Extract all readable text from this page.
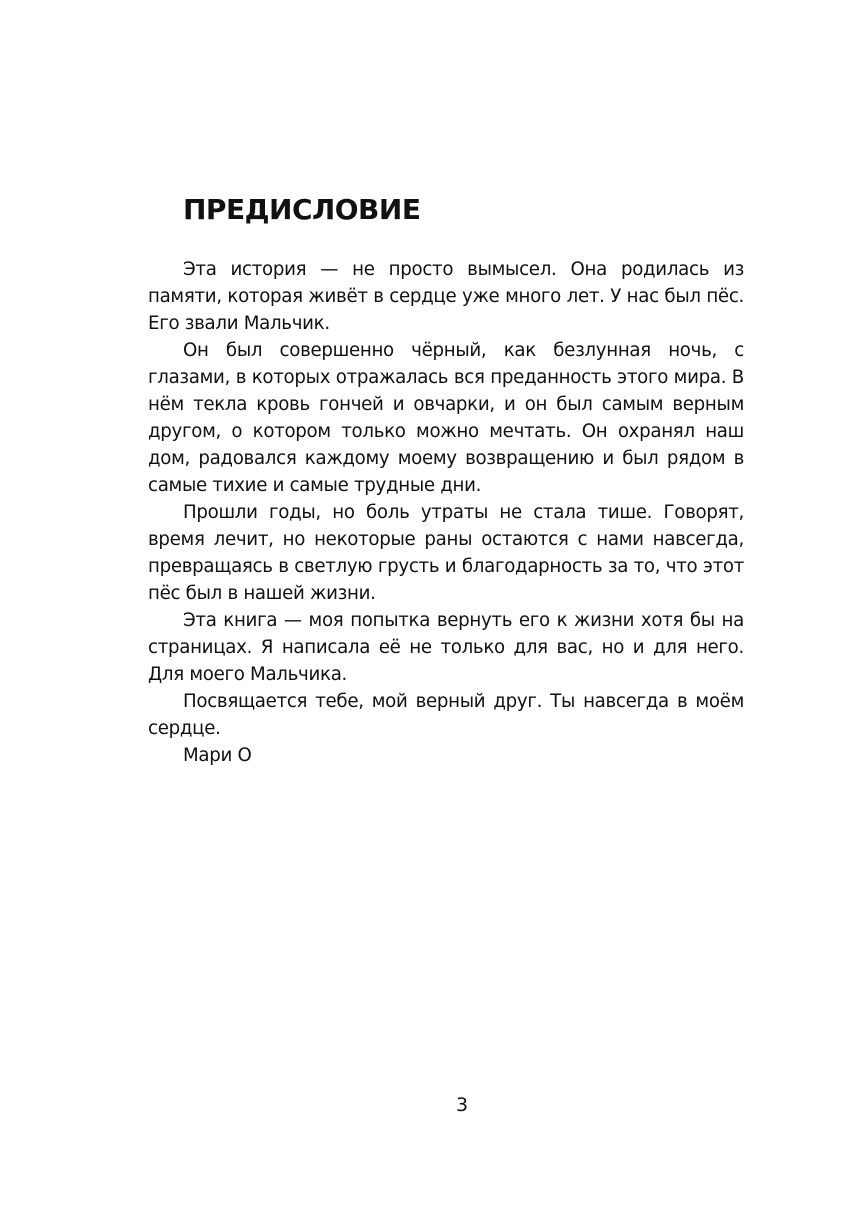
ПРЕДИСЛОВИЕ

Эта история — не просто вымысел. Она родилась из памяти, которая живёт в сердце уже много лет. У нас был пёс. Его звали Мальчик.

Он был совершенно чёрный, как безлунная ночь, с глазами, в которых отражалась вся преданность этого мира. В нём текла кровь гончей и овчарки, и он был самым верным другом, о котором только можно мечтать. Он охранял наш дом, радовался каждому моему возвращению и был рядом в самые тихие и самые трудные дни.

Прошли годы, но боль утраты не стала тише. Говорят, время лечит, но некоторые раны остаются с нами навсегда, превращаясь в светлую грусть и благодарность за то, что этот пёс был в нашей жизни.

Эта книга — моя попытка вернуть его к жизни хотя бы на страницах. Я написала её не только для вас, но и для него. Для моего Мальчика.

Посвящается тебе, мой верный друг. Ты навсегда в моём сердце.

Мари О

3
